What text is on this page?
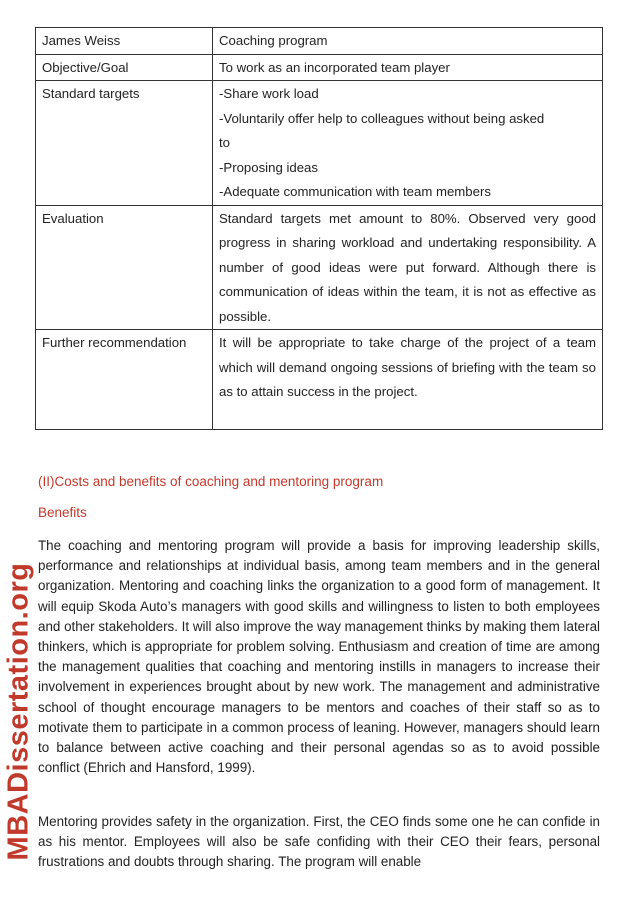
James Weiss	Coaching program

Objective/Goal	To work as an incorporated team player

Standard targets	-Share work load
-Voluntarily offer help to colleagues without being asked to
-Proposing ideas
-Adequate communication with team members

Evaluation	Standard targets met amount to 80%. Observed very good progress in sharing workload and undertaking responsibility. A number of good ideas were put forward. Although there is communication of ideas within the team, it is not as effective as possible.

Further recommendation	It will be appropriate to take charge of the project of a team which will demand ongoing sessions of briefing with the team so as to attain success in the project.
(II)Costs and benefits of coaching and mentoring program
Benefits

The coaching and mentoring program will provide a basis for improving leadership skills, performance and relationships at individual basis, among team members and in the general organization. Mentoring and coaching links the organization to a good form of management. It will equip Skoda Auto’s managers with good skills and willingness to listen to both employees and other stakeholders. It will also improve the way management thinks by making them lateral thinkers, which is appropriate for problem solving. Enthusiasm and creation of time are among the management qualities that coaching and mentoring instills in managers to increase their involvement in experiences brought about by new work. The management and administrative school of thought encourage managers to be mentors and coaches of their staff so as to motivate them to participate in a common process of leaning. However, managers should learn to balance between active coaching and their personal agendas so as to avoid possible conflict (Ehrich and Hansford, 1999).

Mentoring provides safety in the organization. First, the CEO finds some one he can confide in as his mentor. Employees will also be safe confiding with their CEO their fears, personal frustrations and doubts through sharing. The program will enable

MBADissertation.org
